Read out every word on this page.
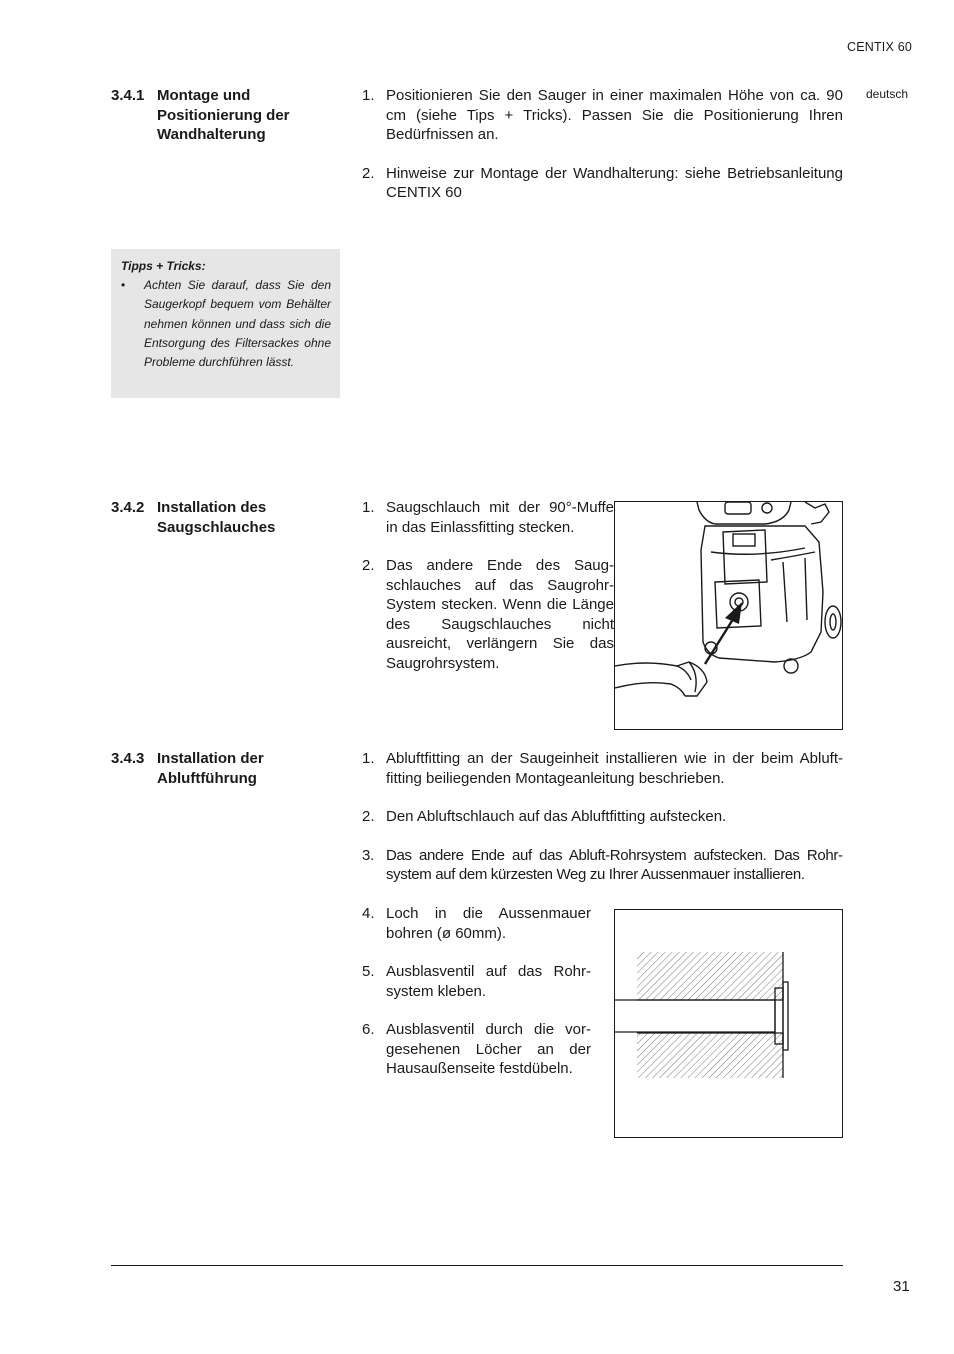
CENTIX 60
deutsch
3.4.1 Montage und Positionierung der Wandhalterung
1. Positionieren Sie den Sauger in einer maximalen Höhe von ca. 90 cm (siehe Tips + Tricks). Passen Sie die Positionierung Ihren Bedürfnissen an.
2. Hinweise zur Montage der Wandhalterung: siehe Betriebsanleitung CENTIX 60
Tipps + Tricks:
• Achten Sie darauf, dass Sie den Saugerkopf bequem vom Behälter nehmen können und dass sich die Entsorgung des Filtersackes ohne Probleme durchführen lässt.
3.4.2 Installation des Saugschlauches
1. Saugschlauch mit der 90°-Muffe in das Einlassfitting stecken.
2. Das andere Ende des Saugschlauches auf das Saugrohr-System stecken. Wenn die Länge des Saugschlauches nicht ausreicht, verlängern Sie das Saugrohrsystem.
3.4.3 Installation der Abluftführung
1. Abluftfitting an der Saugeinheit installieren wie in der beim Abluftfitting beiliegenden Montageanleitung beschrieben.
2. Den Abluftschlauch auf das Abluftfitting aufstecken.
3. Das andere Ende auf das Abluft-Rohrsystem aufstecken. Das Rohrsystem auf dem kürzesten Weg zu Ihrer Aussenmauer installieren.
4. Loch in die Aussenmauer bohren (ø 60mm).
5. Ausblasventil auf das Rohrsystem kleben.
6. Ausblasventil durch die vorgesehenen Löcher an der Hausaußenseite festdübeln.
31
